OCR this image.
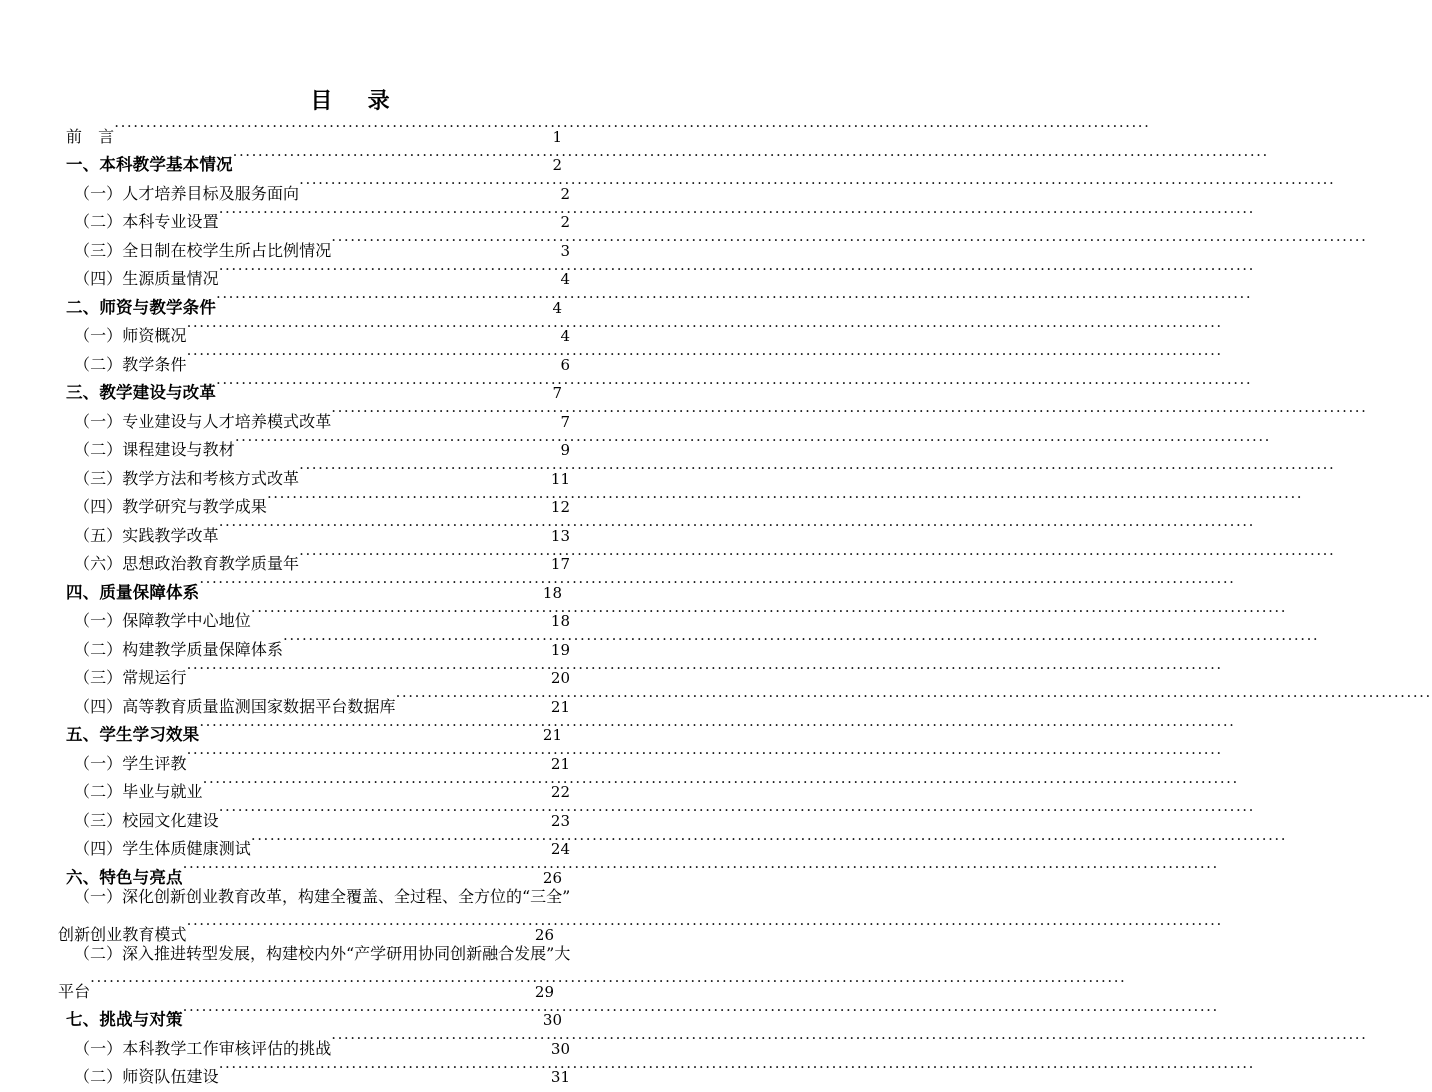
目　录
前　言 .....	1
一、本科教学基本情况 .....	2
（一）人才培养目标及服务面向 .....	2
（二）本科专业设置 .....	2
（三）全日制在校学生所占比例情况 .....	3
（四）生源质量情况 .....	4
二、师资与教学条件 .....	4
（一）师资概况 .....	4
（二）教学条件 .....	6
三、教学建设与改革 .....	7
（一）专业建设与人才培养模式改革 .....	7
（二）课程建设与教材 .....	9
（三）教学方法和考核方式改革 .....	11
（四）教学研究与教学成果 .....	12
（五）实践教学改革 .....	13
（六）思想政治教育教学质量年 .....	17
四、质量保障体系 .....	18
（一）保障教学中心地位 .....	18
（二）构建教学质量保障体系 .....	19
（三）常规运行 .....	20
（四）高等教育质量监测国家数据平台数据库 .....	21
五、学生学习效果 .....	21
（一）学生评教 .....	21
（二）毕业与就业 .....	22
（三）校园文化建设 .....	23
（四）学生体质健康测试 .....	24
六、特色与亮点 .....	26
（一）深化创新创业教育改革，构建全覆盖、全过程、全方位的“三全”
创新创业教育模式 .....	26
（二）深入推进转型发展，构建校内外“产学研用协同创新融合发展”大
平台 .....	29
七、挑战与对策 .....	30
（一）本科教学工作审核评估的挑战 .....	30
（二）师资队伍建设 .....	31
